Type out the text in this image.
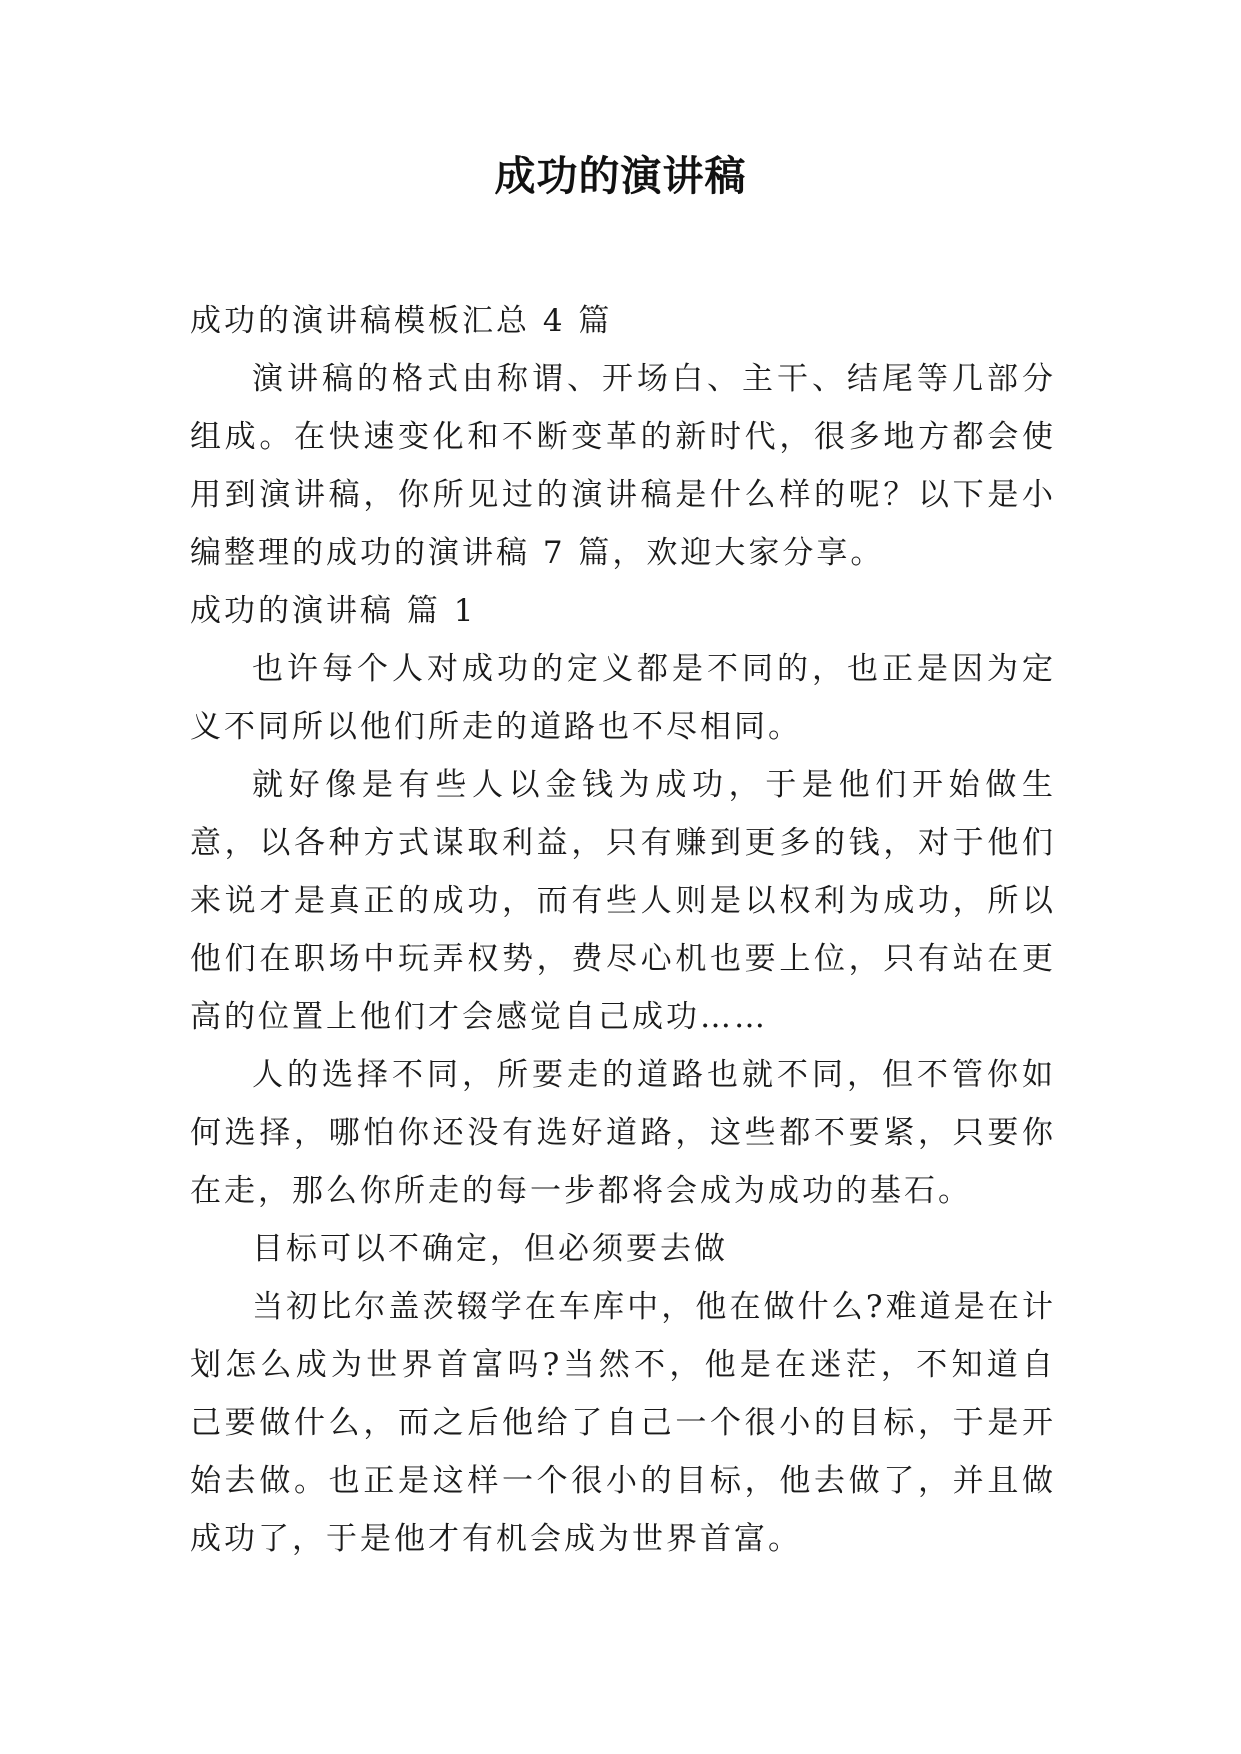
成功的演讲稿

成功的演讲稿模板汇总 4 篇

演讲稿的格式由称谓、开场白、主干、结尾等几部分组成。在快速变化和不断变革的新时代，很多地方都会使用到演讲稿，你所见过的演讲稿是什么样的呢？以下是小编整理的成功的演讲稿 7 篇，欢迎大家分享。

成功的演讲稿 篇 1

也许每个人对成功的定义都是不同的，也正是因为定义不同所以他们所走的道路也不尽相同。

就好像是有些人以金钱为成功，于是他们开始做生意，以各种方式谋取利益，只有赚到更多的钱，对于他们来说才是真正的成功，而有些人则是以权利为成功，所以他们在职场中玩弄权势，费尽心机也要上位，只有站在更高的位置上他们才会感觉自己成功……

人的选择不同，所要走的道路也就不同，但不管你如何选择，哪怕你还没有选好道路，这些都不要紧，只要你在走，那么你所走的每一步都将会成为成功的基石。

目标可以不确定，但必须要去做

当初比尔盖茨辍学在车库中，他在做什么?难道是在计划怎么成为世界首富吗?当然不，他是在迷茫，不知道自己要做什么，而之后他给了自己一个很小的目标，于是开始去做。也正是这样一个很小的目标，他去做了，并且做成功了，于是他才有机会成为世界首富。
